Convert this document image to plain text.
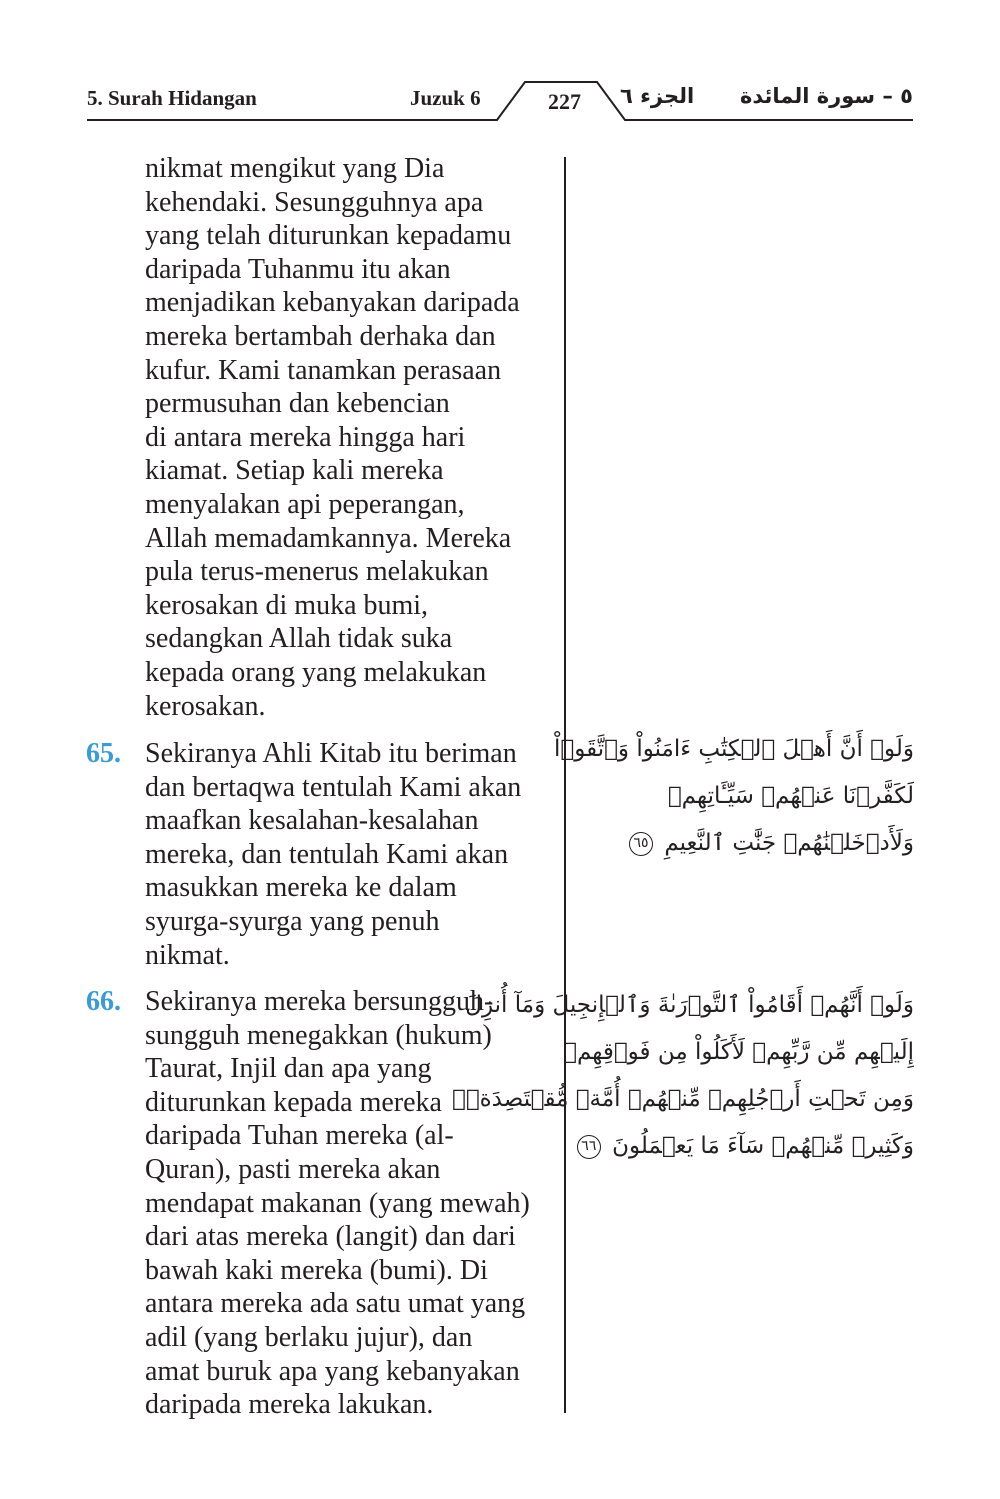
5. Surah Hidangan	Juzuk 6	227	الجزء ٦ ٥ – سورة المائدة

nikmat mengikut yang Dia
kehendaki. Sesungguhnya apa
yang telah diturunkan kepadamu
daripada Tuhanmu itu akan
menjadikan kebanyakan daripada
mereka bertambah derhaka dan
kufur. Kami tanamkan perasaan
permusuhan dan kebencian
di antara mereka hingga hari
kiamat. Setiap kali mereka
menyalakan api peperangan,
Allah memadamkannya. Mereka
pula terus-menerus melakukan
kerosakan di muka bumi,
sedangkan Allah tidak suka
kepada orang yang melakukan
kerosakan.

65. Sekiranya Ahli Kitab itu beriman
dan bertaqwa tentulah Kami akan
maafkan kesalahan-kesalahan
mereka, dan tentulah Kami akan
masukkan mereka ke dalam
syurga-syurga yang penuh
nikmat.

وَلَوۡ أَنَّ أَهۡلَ ٱلۡكِتَٰبِ ءَامَنُواْ وَٱتَّقَوۡاْ
لَكَفَّرۡنَا عَنۡهُمۡ سَيِّـَٔاتِهِمۡ
وَلَأَدۡخَلۡنَٰهُمۡ جَنَّٰتِ ٱلنَّعِيمِ ٦٥
66. Sekiranya mereka bersungguh-
sungguh menegakkan (hukum)
Taurat, Injil dan apa yang
diturunkan kepada mereka
daripada Tuhan mereka (al-
Quran), pasti mereka akan
mendapat makanan (yang mewah)
dari atas mereka (langit) dan dari
bawah kaki mereka (bumi). Di
antara mereka ada satu umat yang
adil (yang berlaku jujur), dan
amat buruk apa yang kebanyakan
daripada mereka lakukan.

وَلَوۡ أَنَّهُمۡ أَقَامُواْ ٱلتَّوۡرَىٰةَ وَٱلۡإِنجِيلَ وَمَآ أُنزِلَ
إِلَيۡهِم مِّن رَّبِّهِمۡ لَأَكَلُواْ مِن فَوۡقِهِمۡ
وَمِن تَحۡتِ أَرۡجُلِهِمۚ مِّنۡهُمۡ أُمَّةٞ مُّقۡتَصِدَةٞۖ
وَكَثِيرٞ مِّنۡهُمۡ سَآءَ مَا يَعۡمَلُونَ ٦٦
